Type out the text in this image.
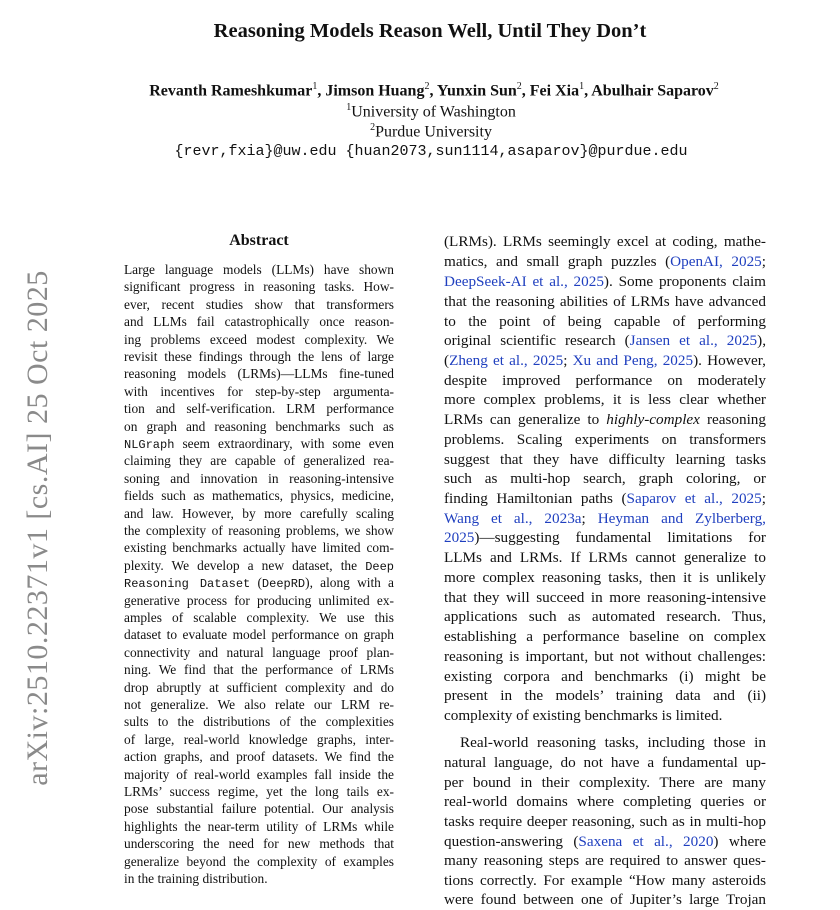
arXiv:2510.22371v1 [cs.AI] 25 Oct 2025
Reasoning Models Reason Well, Until They Don’t
Revanth Rameshkumar$^1$, Jimson Huang$^2$, Yunxin Sun$^2$, Fei Xia$^1$, Abulhair Saparov$^2$
$^1$University of Washington
$^2$Purdue University
{revr,fxia}@uw.edu {huan2073,sun1114,asaparov}@purdue.edu
Abstract
Large language models (LLMs) have shown
significant progress in reasoning tasks. How-
ever, recent studies show that transformers
and LLMs fail catastrophically once reason-
ing problems exceed modest complexity. We
revisit these findings through the lens of large
reasoning models (LRMs)—LLMs fine-tuned
with incentives for step-by-step argumenta-
tion and self-verification. LRM performance
on graph and reasoning benchmarks such as
NLGraph seem extraordinary, with some even
claiming they are capable of generalized rea-
soning and innovation in reasoning-intensive
fields such as mathematics, physics, medicine,
and law. However, by more carefully scaling
the complexity of reasoning problems, we show
existing benchmarks actually have limited com-
plexity. We develop a new dataset, the Deep
Reasoning Dataset (DeepRD), along with a
generative process for producing unlimited ex-
amples of scalable complexity. We use this
dataset to evaluate model performance on graph
connectivity and natural language proof plan-
ning. We find that the performance of LRMs
drop abruptly at sufficient complexity and do
not generalize. We also relate our LRM re-
sults to the distributions of the complexities
of large, real-world knowledge graphs, inter-
action graphs, and proof datasets. We find the
majority of real-world examples fall inside the
LRMs’ success regime, yet the long tails ex-
pose substantial failure potential. Our analysis
highlights the near-term utility of LRMs while
underscoring the need for new methods that
generalize beyond the complexity of examples
in the training distribution.
(LRMs). LRMs seemingly excel at coding, mathe-
matics, and small graph puzzles (OpenAI, 2025;
DeepSeek-AI et al., 2025). Some proponents claim
that the reasoning abilities of LRMs have advanced
to the point of being capable of performing
original scientific research (Jansen et al., 2025),
(Zheng et al., 2025; Xu and Peng, 2025). However,
despite improved performance on moderately
more complex problems, it is less clear whether
LRMs can generalize to highly-complex reasoning
problems. Scaling experiments on transformers
suggest that they have difficulty learning tasks
such as multi-hop search, graph coloring, or
finding Hamiltonian paths (Saparov et al., 2025;
Wang et al., 2023a; Heyman and Zylberberg,
2025)—suggesting fundamental limitations for
LLMs and LRMs. If LRMs cannot generalize to
more complex reasoning tasks, then it is unlikely
that they will succeed in more reasoning-intensive
applications such as automated research. Thus,
establishing a performance baseline on complex
reasoning is important, but not without challenges:
existing corpora and benchmarks (i) might be
present in the models’ training data and (ii)
complexity of existing benchmarks is limited.
Real-world reasoning tasks, including those in
natural language, do not have a fundamental up-
per bound in their complexity. There are many
real-world domains where completing queries or
tasks require deeper reasoning, such as in multi-hop
question-answering (Saxena et al., 2020) where
many reasoning steps are required to answer ques-
tions correctly. For example “How many asteroids
were found between one of Jupiter’s large Trojan
